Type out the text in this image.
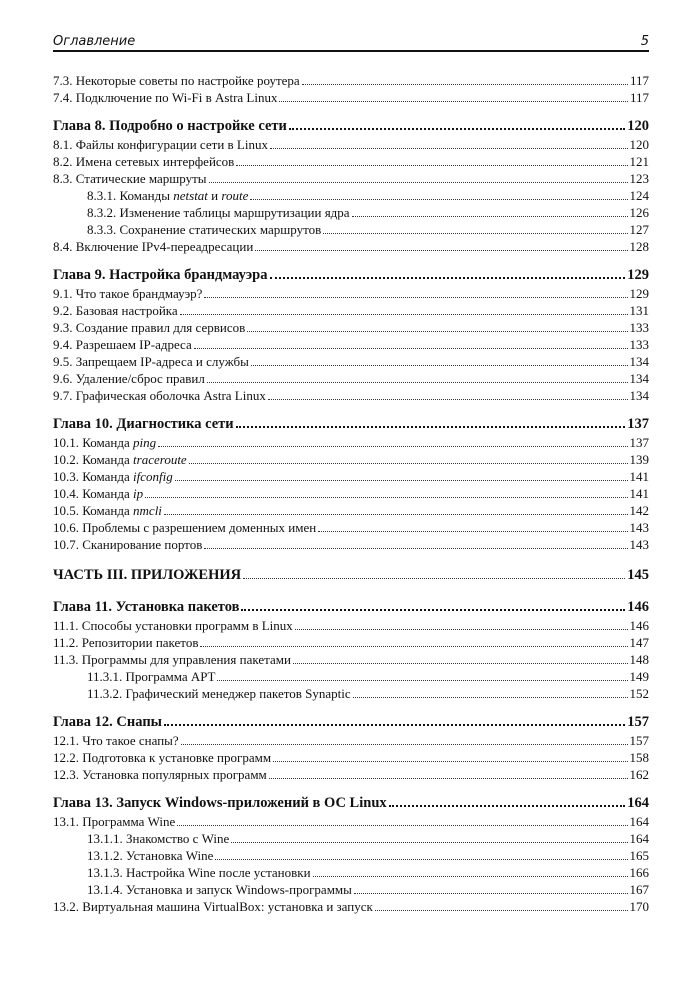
Оглавление	5
7.3. Некоторые советы по настройке роутера	117
7.4. Подключение по Wi-Fi в Astra Linux	117
Глава 8. Подробно о настройке сети	120
8.1. Файлы конфигурации сети в Linux	120
8.2. Имена сетевых интерфейсов	121
8.3. Статические маршруты	123
8.3.1. Команды netstat и route	124
8.3.2. Изменение таблицы маршрутизации ядра	126
8.3.3. Сохранение статических маршрутов	127
8.4. Включение IPv4-переадресации	128
Глава 9. Настройка брандмауэра	129
9.1. Что такое брандмауэр?	129
9.2. Базовая настройка	131
9.3. Создание правил для сервисов	133
9.4. Разрешаем IP-адреса	133
9.5. Запрещаем IP-адреса и службы	134
9.6. Удаление/сброс правил	134
9.7. Графическая оболочка Astra Linux	134
Глава 10. Диагностика сети	137
10.1. Команда ping	137
10.2. Команда traceroute	139
10.3. Команда ifconfig	141
10.4. Команда ip	141
10.5. Команда nmcli	142
10.6. Проблемы с разрешением доменных имен	143
10.7. Сканирование портов	143
ЧАСТЬ III. ПРИЛОЖЕНИЯ	145
Глава 11. Установка пакетов	146
11.1. Способы установки программ в Linux	146
11.2. Репозитории пакетов	147
11.3. Программы для управления пакетами	148
11.3.1. Программа APT	149
11.3.2. Графический менеджер пакетов Synaptic	152
Глава 12. Снапы	157
12.1. Что такое снапы?	157
12.2. Подготовка к установке программ	158
12.3. Установка популярных программ	162
Глава 13. Запуск Windows-приложений в ОС Linux	164
13.1. Программа Wine	164
13.1.1. Знакомство с Wine	164
13.1.2. Установка Wine	165
13.1.3. Настройка Wine после установки	166
13.1.4. Установка и запуск Windows-программы	167
13.2. Виртуальная машина VirtualBox: установка и запуск	170
